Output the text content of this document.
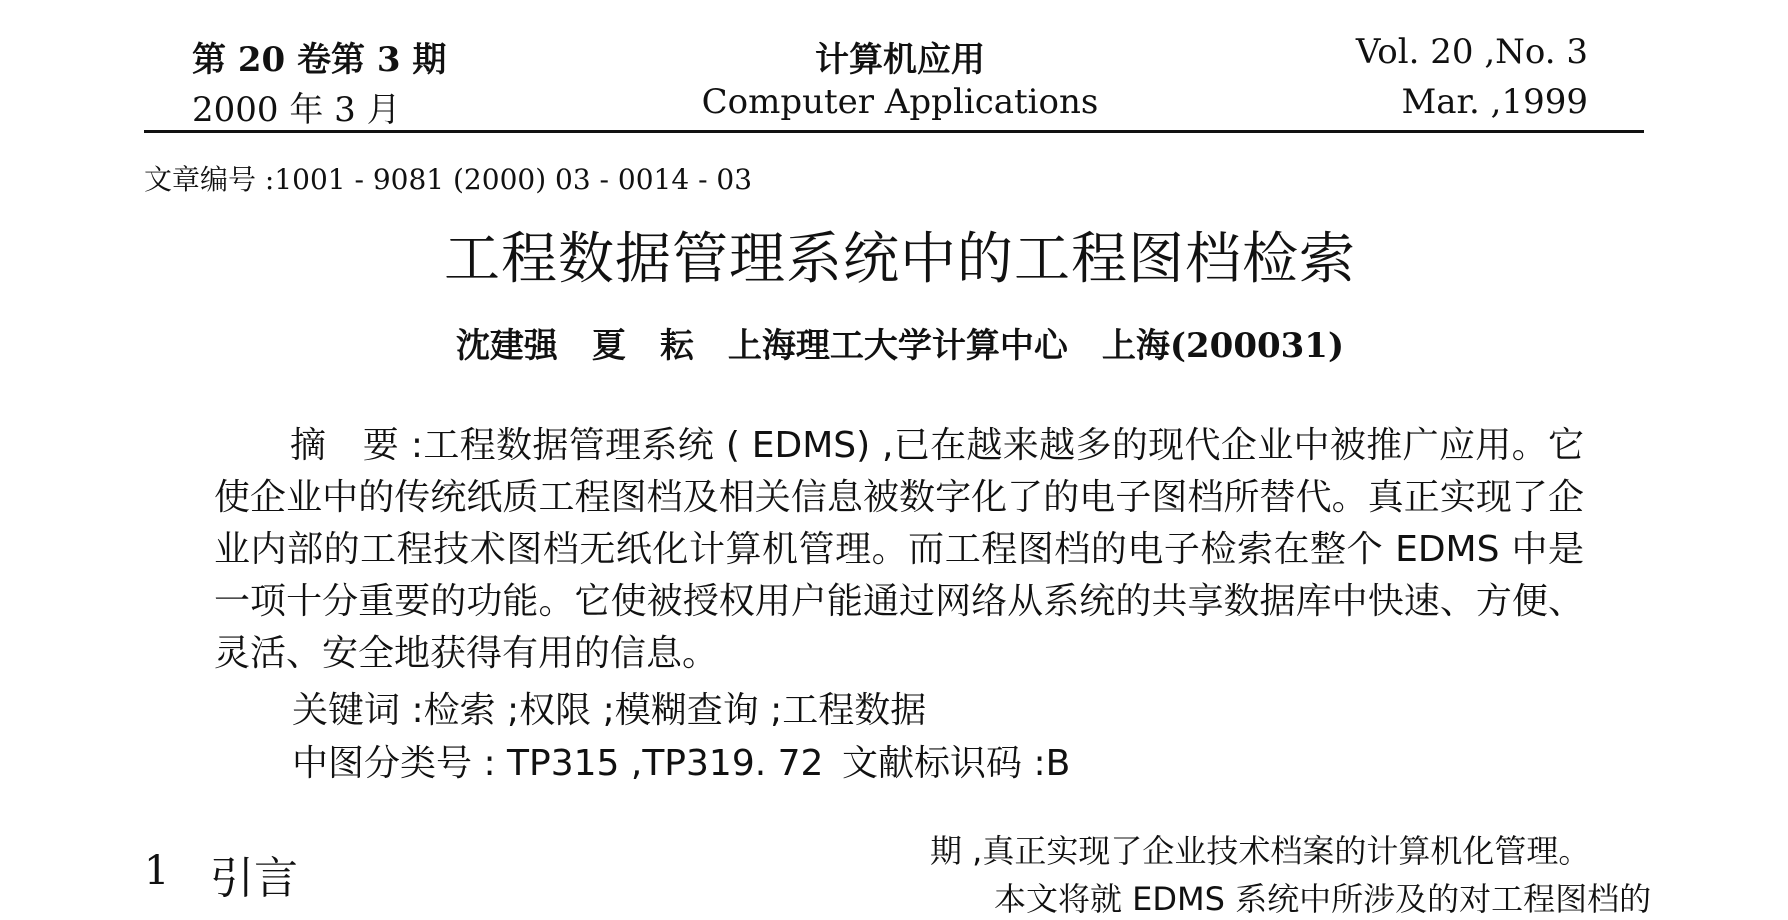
第 20 卷第 3 期
2000 年 3 月
计算机应用
Computer Applications
Vol. 20 ,No. 3
Mar. ,1999
文章编号 :1001 - 9081 (2000) 03 - 0014 - 03
工程数据管理系统中的工程图档检索
沈建强　夏　耘　上海理工大学计算中心　上海(200031)
摘　要 :工程数据管理系统 ( EDMS) ,已在越来越多的现代企业中被推广应用。它使企业中的传统纸质工程图档及相关信息被数字化了的电子图档所替代。真正实现了企业内部的工程技术图档无纸化计算机管理。而工程图档的电子检索在整个 EDMS 中是一项十分重要的功能。它使被授权用户能通过网络从系统的共享数据库中快速、方便、灵活、安全地获得有用的信息。
关键词 :检索 ;权限 ;模糊查询 ;工程数据
中图分类号 : TP315 ,TP319. 72 文献标识码 :B
1 引言
期 ,真正实现了企业技术档案的计算机化管理。
本文将就 EDMS 系统中所涉及的对工程图档的
